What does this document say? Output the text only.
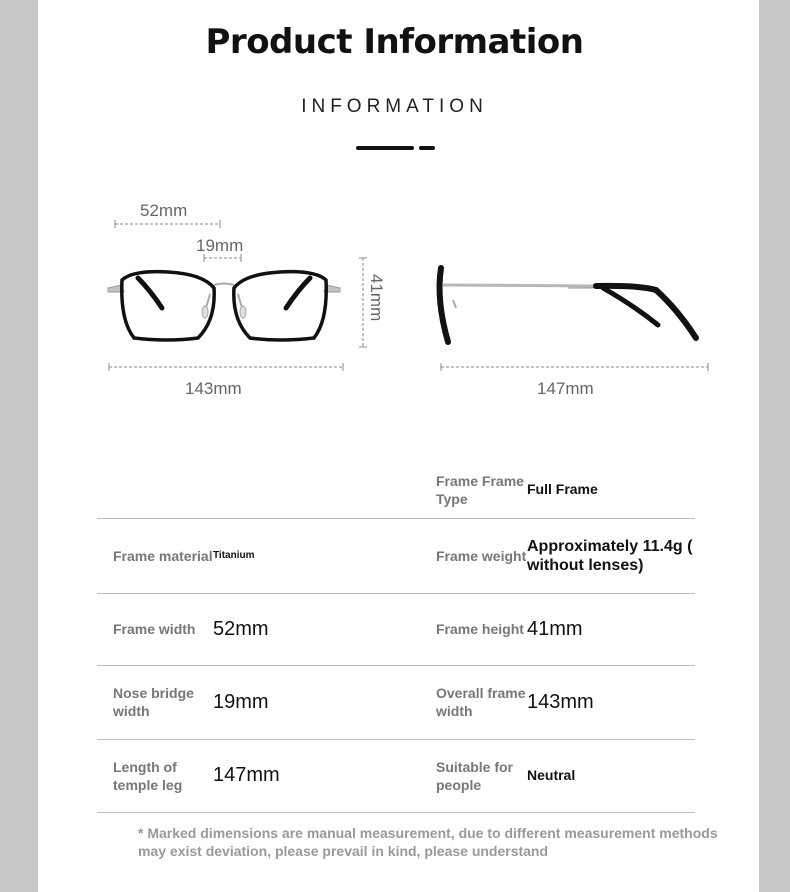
Product Information
INFORMATION
52mm
19mm
41mm
143mm	147mm
		Frame Frame Type	Full Frame
Frame material	Titanium	Frame weight	Approximately 11.4g ( without lenses)
Frame width	52mm	Frame height	41mm
Nose bridge width	19mm	Overall frame width	143mm
Length of temple leg	147mm	Suitable for people	Neutral
* Marked dimensions are manual measurement, due to different measurement methods may exist deviation, please prevail in kind, please understand
